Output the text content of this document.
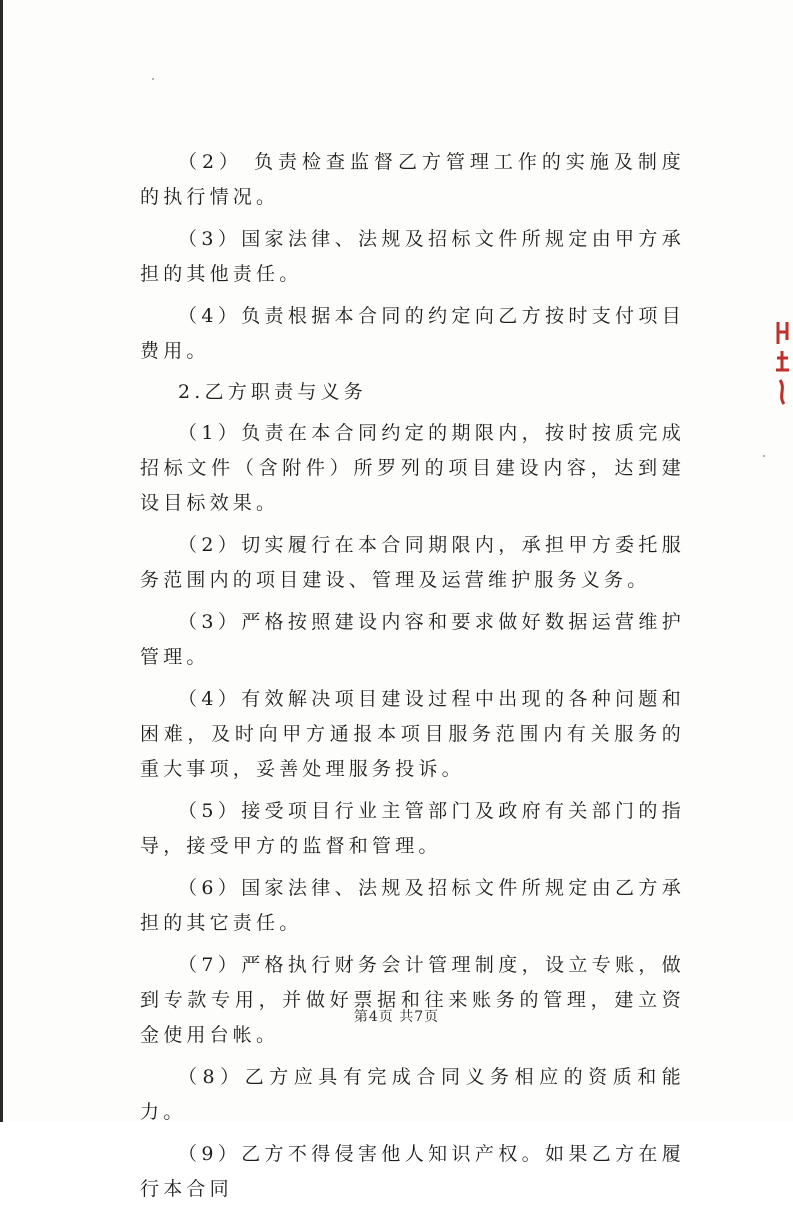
（2） 负责检查监督乙方管理工作的实施及制度的执行情况。

（3）国家法律、法规及招标文件所规定由甲方承担的其他责任。

（4）负责根据本合同的约定向乙方按时支付项目费用。

2.乙方职责与义务

（1）负责在本合同约定的期限内，按时按质完成招标文件（含附件）所罗列的项目建设内容，达到建设目标效果。

（2）切实履行在本合同期限内，承担甲方委托服务范围内的项目建设、管理及运营维护服务义务。

（3）严格按照建设内容和要求做好数据运营维护管理。

（4）有效解决项目建设过程中出现的各种问题和困难，及时向甲方通报本项目服务范围内有关服务的重大事项，妥善处理服务投诉。

（5）接受项目行业主管部门及政府有关部门的指导，接受甲方的监督和管理。

（6）国家法律、法规及招标文件所规定由乙方承担的其它责任。

（7）严格执行财务会计管理制度，设立专账，做到专款专用，并做好票据和往来账务的管理，建立资金使用台帐。

（8）乙方应具有完成合同义务相应的资质和能力。

（9）乙方不得侵害他人知识产权。如果乙方在履行本合同

第4页 共7页
